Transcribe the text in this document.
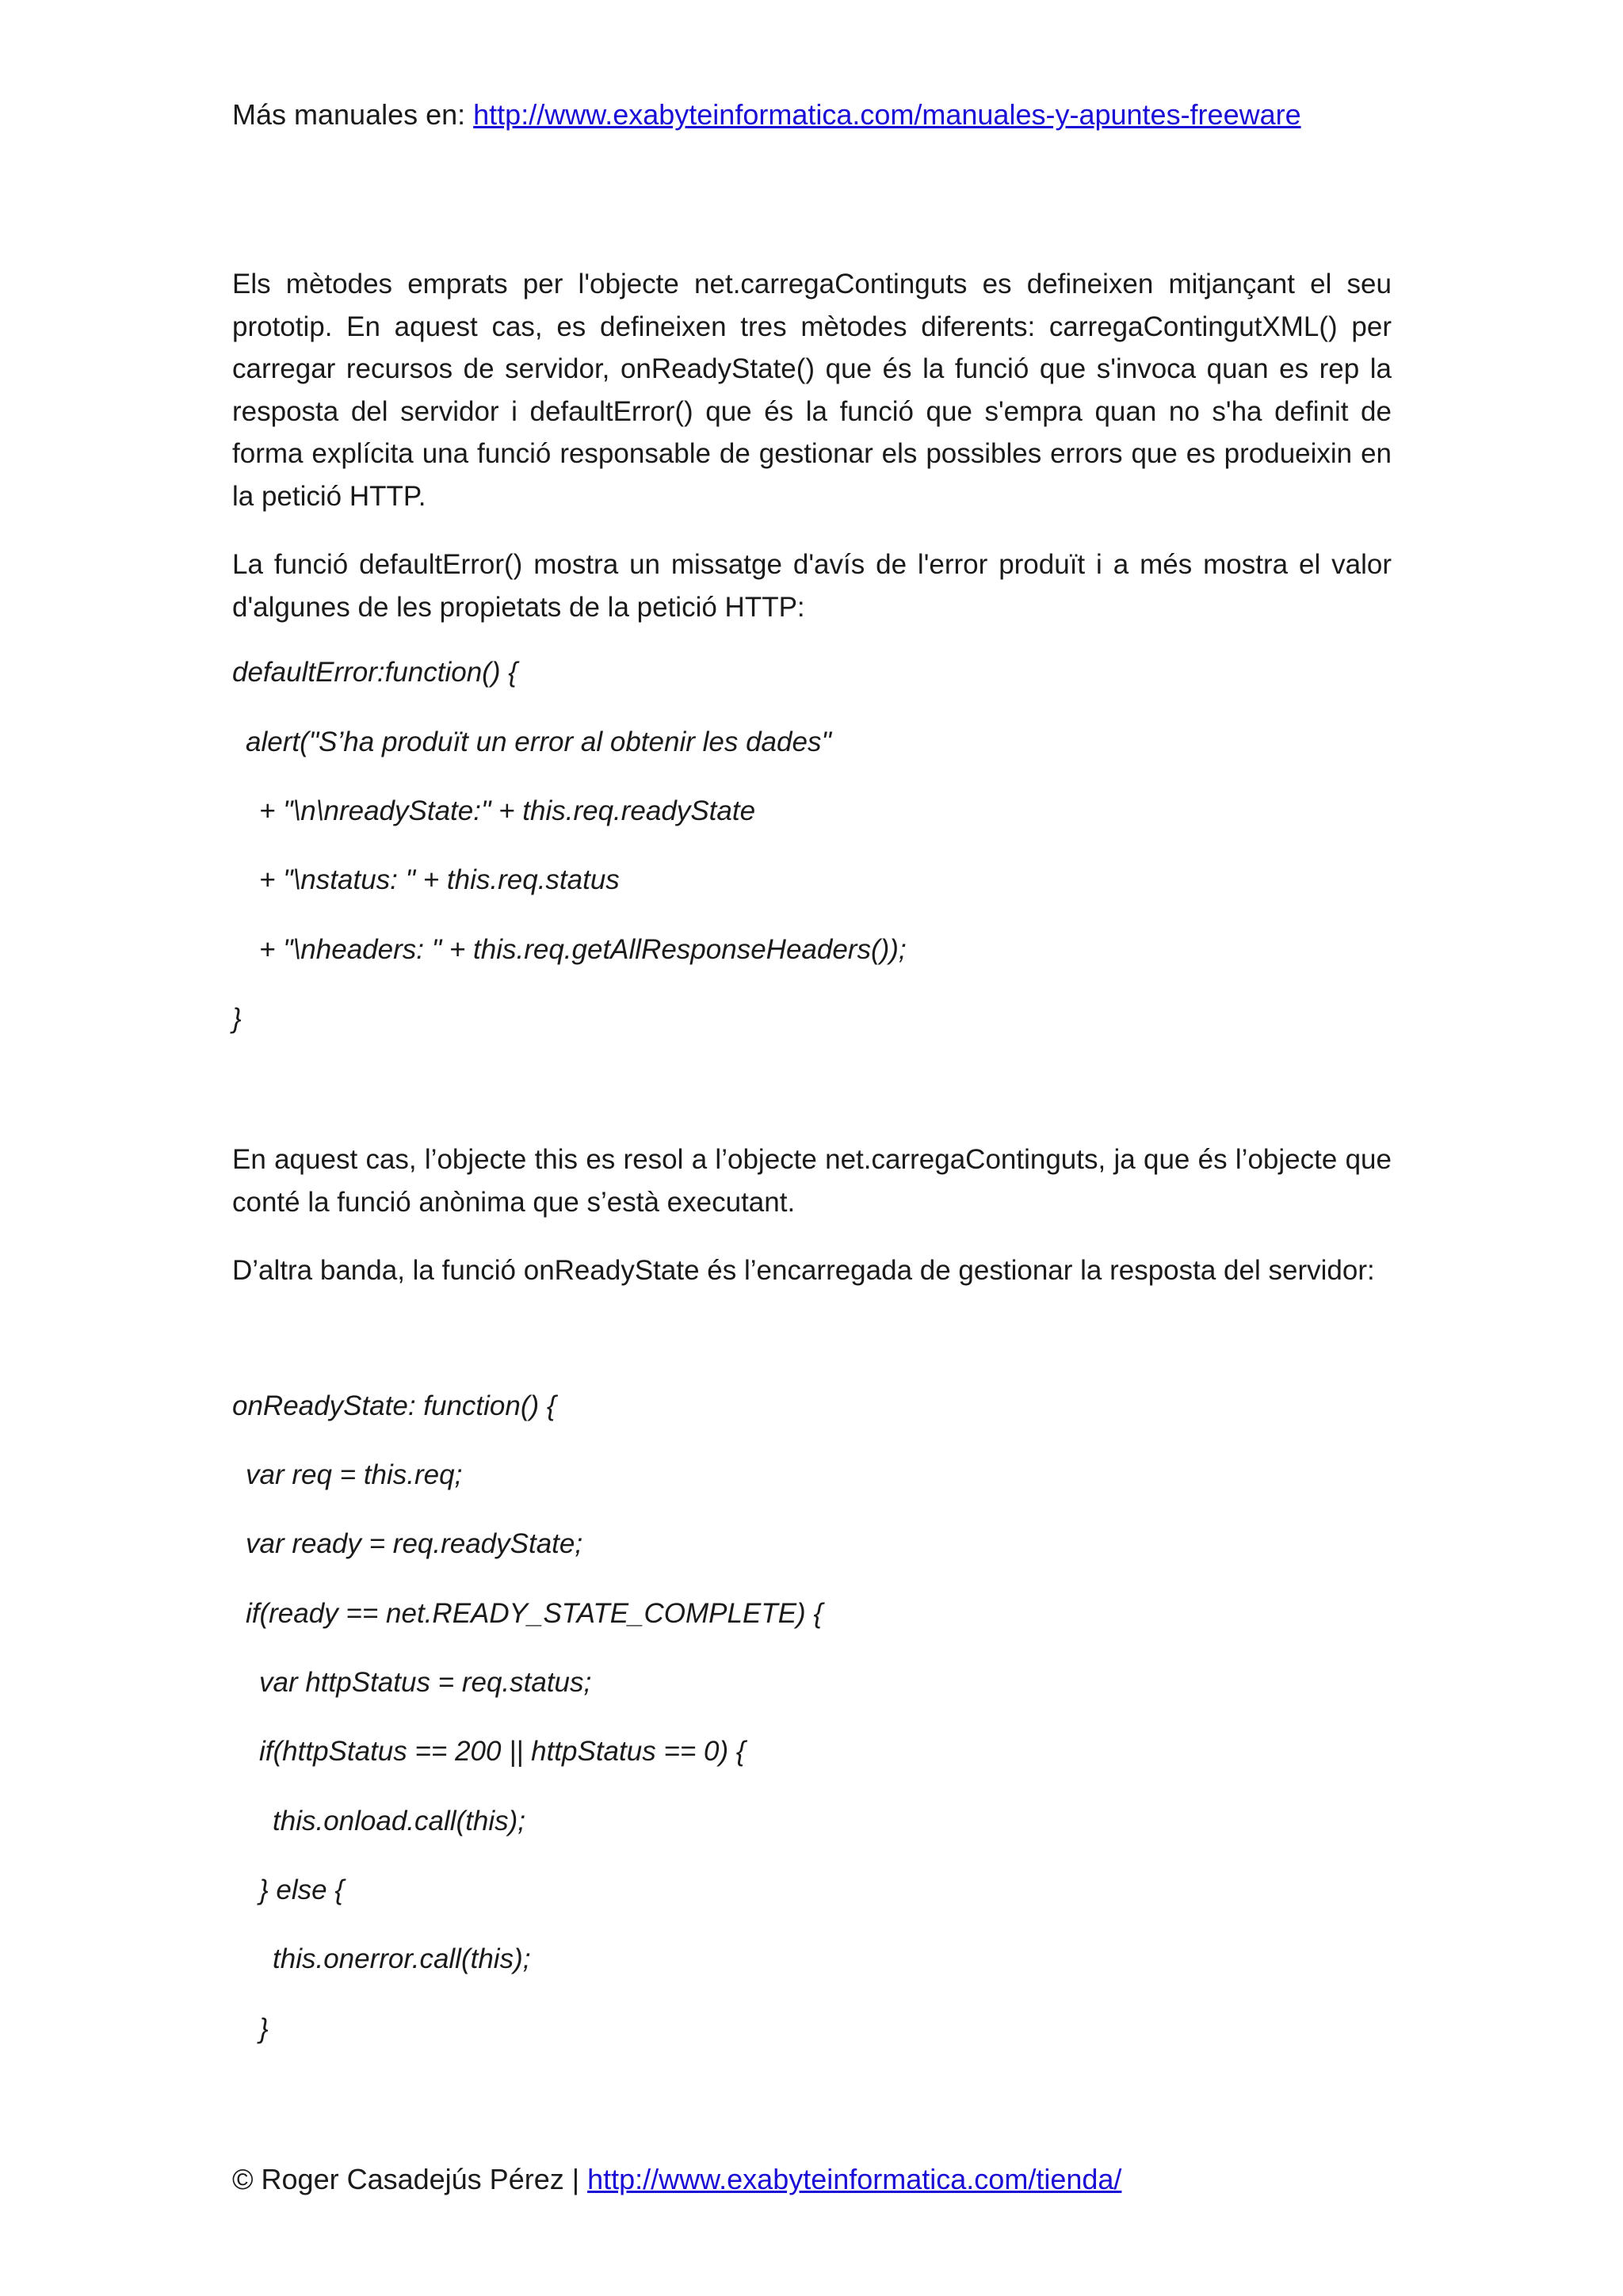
Más manuales en: http://www.exabyteinformatica.com/manuales-y-apuntes-freeware

Els mètodes emprats per l'objecte net.carregaContinguts es defineixen mitjançant el seu prototip. En aquest cas, es defineixen tres mètodes diferents: carregaContingutXML() per carregar recursos de servidor, onReadyState() que és la funció que s'invoca quan es rep la resposta del servidor i defaultError() que és la funció que s'empra quan no s'ha definit de forma explícita una funció responsable de gestionar els possibles errors que es produeixin en la petició HTTP.

La funció defaultError() mostra un missatge d'avís de l'error produït i a més mostra el valor d'algunes de les propietats de la petició HTTP:

defaultError:function() {

alert("S’ha produït un error al obtenir les dades"

+ "\n\nreadyState:" + this.req.readyState

+ "\nstatus: " + this.req.status

+ "\nheaders: " + this.req.getAllResponseHeaders());

}

En aquest cas, l’objecte this es resol a l’objecte net.carregaContinguts, ja que és l’objecte que conté la funció anònima que s’està executant.

D’altra banda, la funció onReadyState és l’encarregada de gestionar la resposta del servidor:

onReadyState: function() {

var req = this.req;

var ready = req.readyState;

if(ready == net.READY_STATE_COMPLETE) {

var httpStatus = req.status;

if(httpStatus == 200 || httpStatus == 0) {

this.onload.call(this);

} else {

this.onerror.call(this);

}

© Roger Casadejús Pérez | http://www.exabyteinformatica.com/tienda/
